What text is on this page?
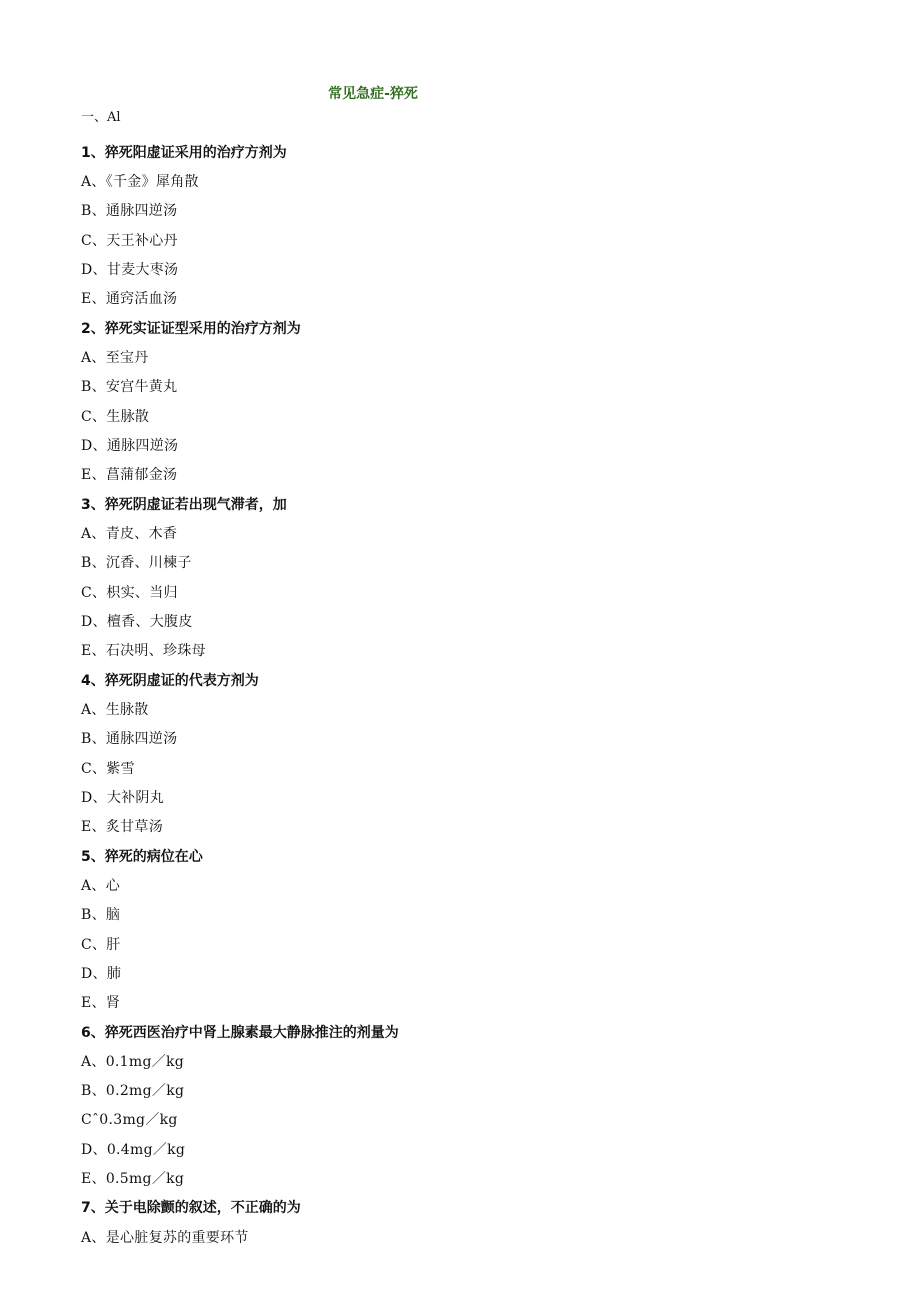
常见急症-猝死
一、Al
1、猝死阳虚证采用的治疗方剂为
A、《千金》犀角散
B、通脉四逆汤
C、天王补心丹
D、甘麦大枣汤
E、通窍活血汤
2、猝死实证证型采用的治疗方剂为
A、至宝丹
B、安宫牛黄丸
C、生脉散
D、通脉四逆汤
E、菖蒲郁金汤
3、猝死阴虚证若出现气滞者，加
A、青皮、木香
B、沉香、川楝子
C、枳实、当归
D、檀香、大腹皮
E、石决明、珍珠母
4、猝死阴虚证的代表方剂为
A、生脉散
B、通脉四逆汤
C、紫雪
D、大补阴丸
E、炙甘草汤
5、猝死的病位在心
A、心
B、脑
C、肝
D、肺
E、肾
6、猝死西医治疗中肾上腺素最大静脉推注的剂量为
A、0.1mg／kg
B、0.2mg／kg
Cˆ0.3mg／kg
D、0.4mg／kg
E、0.5mg／kg
7、关于电除颤的叙述，不正确的为
A、是心脏复苏的重要环节
